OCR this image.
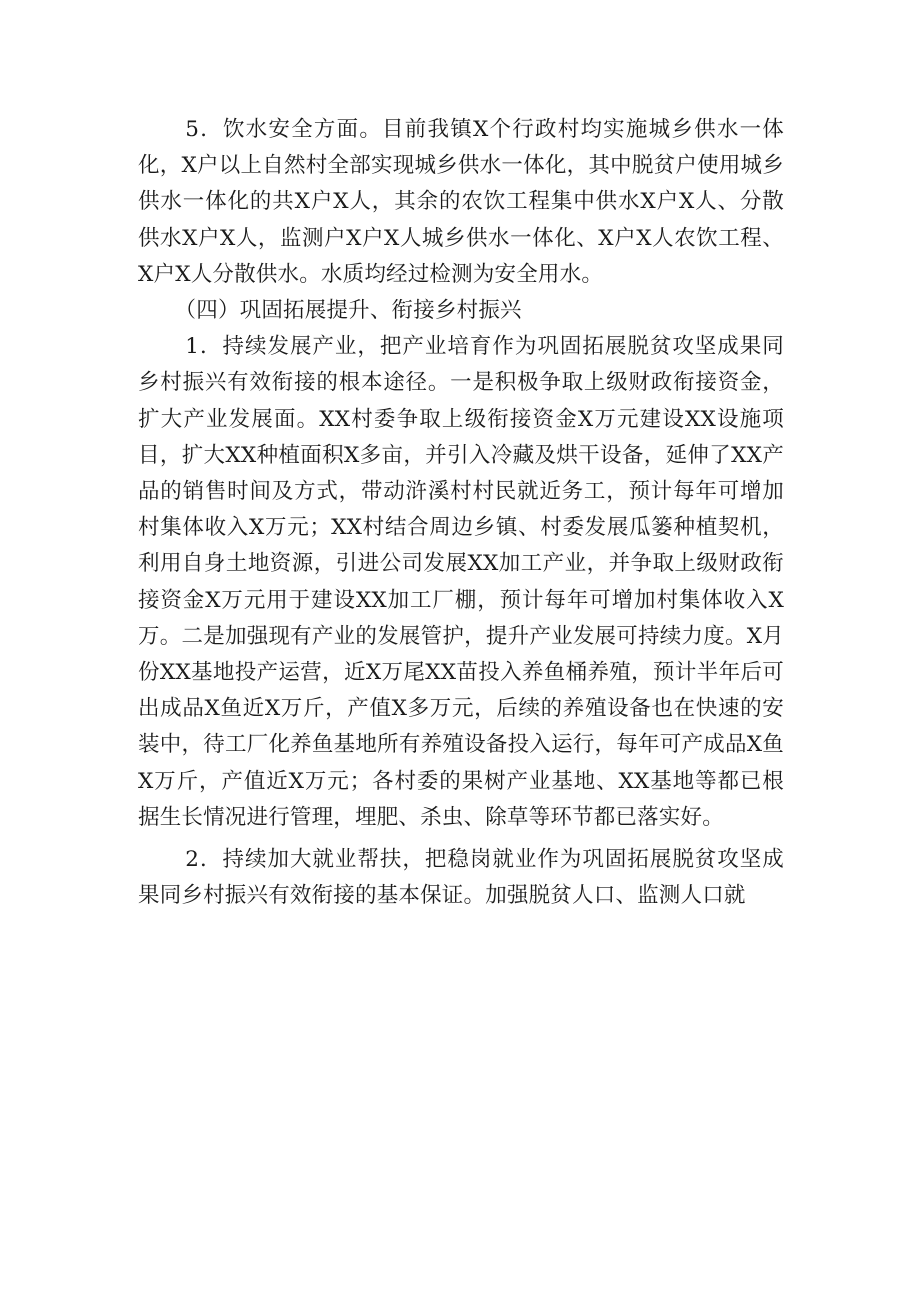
5．饮水安全方面。目前我镇X个行政村均实施城乡供水一体化，X户以上自然村全部实现城乡供水一体化，其中脱贫户使用城乡供水一体化的共X户X人，其余的农饮工程集中供水X户X人、分散供水X户X人，监测户X户X人城乡供水一体化、X户X人农饮工程、X户X人分散供水。水质均经过检测为安全用水。

（四）巩固拓展提升、衔接乡村振兴

1．持续发展产业，把产业培育作为巩固拓展脱贫攻坚成果同乡村振兴有效衔接的根本途径。一是积极争取上级财政衔接资金，扩大产业发展面。XX村委争取上级衔接资金X万元建设XX设施项目，扩大XX种植面积X多亩，并引入冷藏及烘干设备，延伸了XX产品的销售时间及方式，带动浒溪村村民就近务工，预计每年可增加村集体收入X万元；XX村结合周边乡镇、村委发展瓜篓种植契机，利用自身土地资源，引进公司发展XX加工产业，并争取上级财政衔接资金X万元用于建设XX加工厂棚，预计每年可增加村集体收入X万。二是加强现有产业的发展管护，提升产业发展可持续力度。X月份XX基地投产运营，近X万尾XX苗投入养鱼桶养殖，预计半年后可出成品X鱼近X万斤，产值X多万元，后续的养殖设备也在快速的安装中，待工厂化养鱼基地所有养殖设备投入运行，每年可产成品X鱼X万斤，产值近X万元；各村委的果树产业基地、XX基地等都已根据生长情况进行管理，埋肥、杀虫、除草等环节都已落实好。

2．持续加大就业帮扶，把稳岗就业作为巩固拓展脱贫攻坚成果同乡村振兴有效衔接的基本保证。加强脱贫人口、监测人口就
